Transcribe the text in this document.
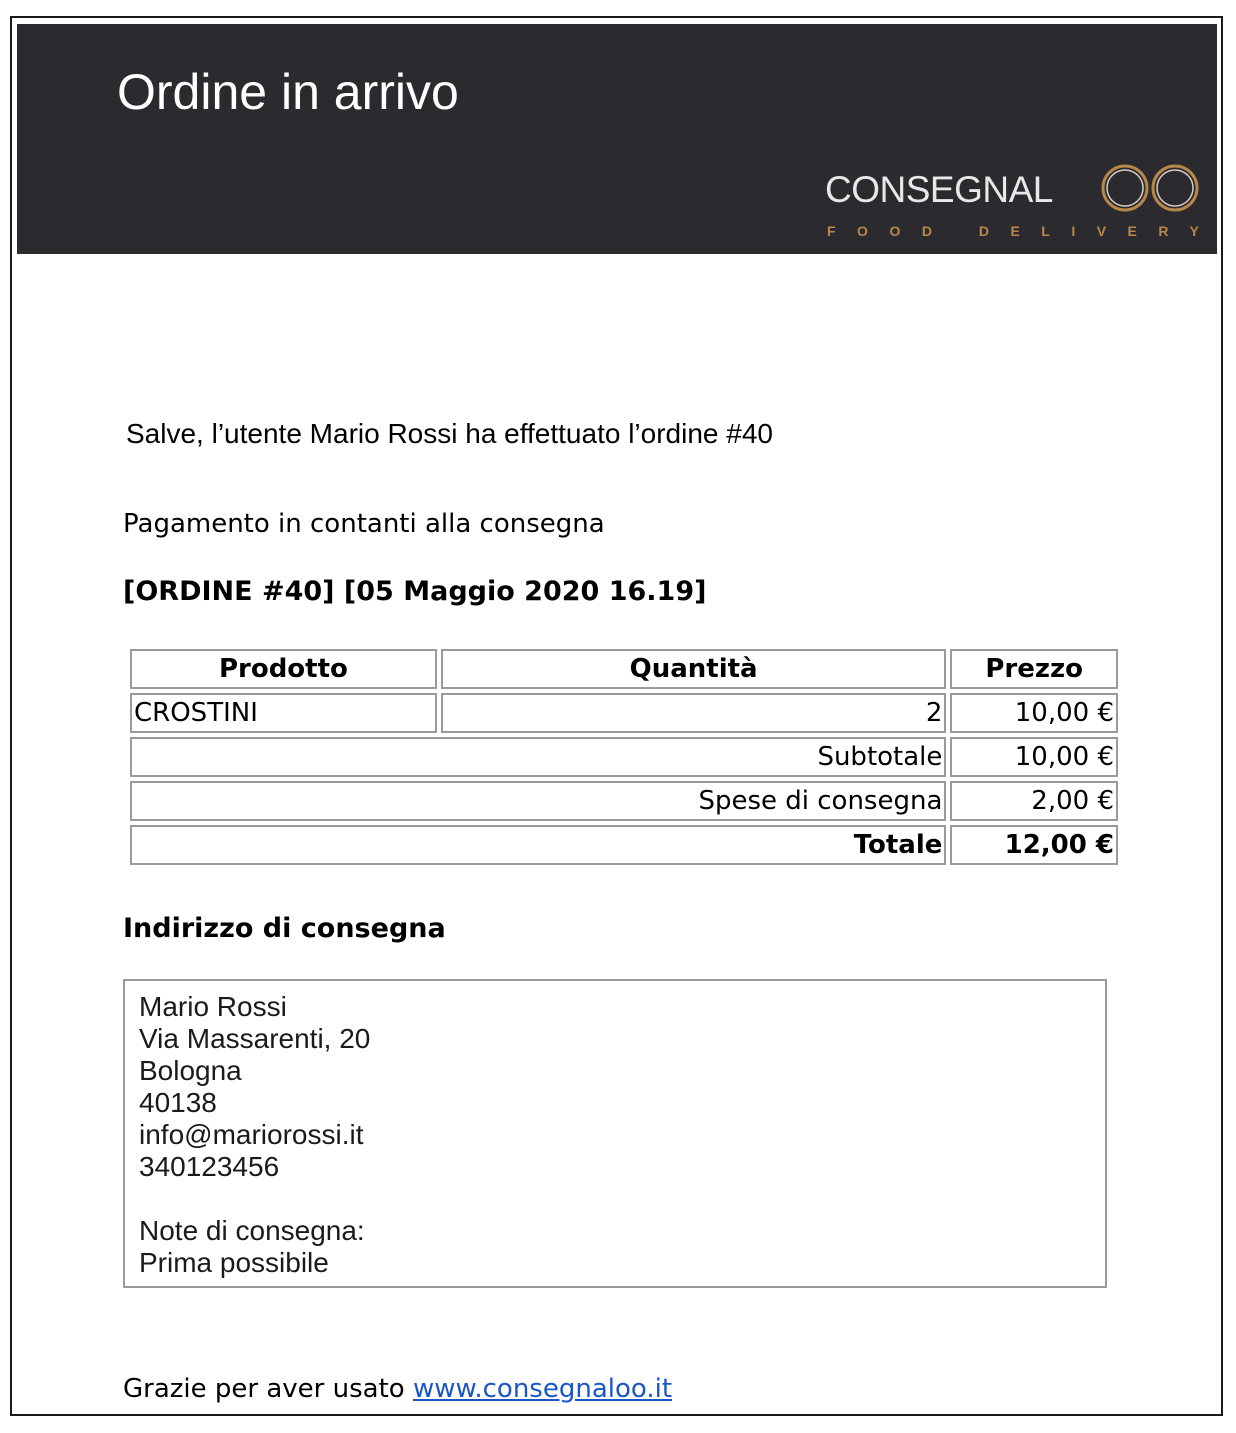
Ordine in arrivo
CONSEGNAL
FOOD DELIVERY
Salve, l’utente Mario Rossi ha effettuato l’ordine #40
Pagamento in contanti alla consegna
[ORDINE #40] [05 Maggio 2020 16.19]
Prodotto	Quantità	Prezzo
CROSTINI	2	10,00 €
Subtotale		10,00 €
Spese di consegna		2,00 €
Totale		12,00 €
Indirizzo di consegna
Mario Rossi
Via Massarenti, 20
Bologna
40138
info@mariorossi.it
340123456
Note di consegna:
Prima possibile
Grazie per aver usato www.consegnaloo.it
